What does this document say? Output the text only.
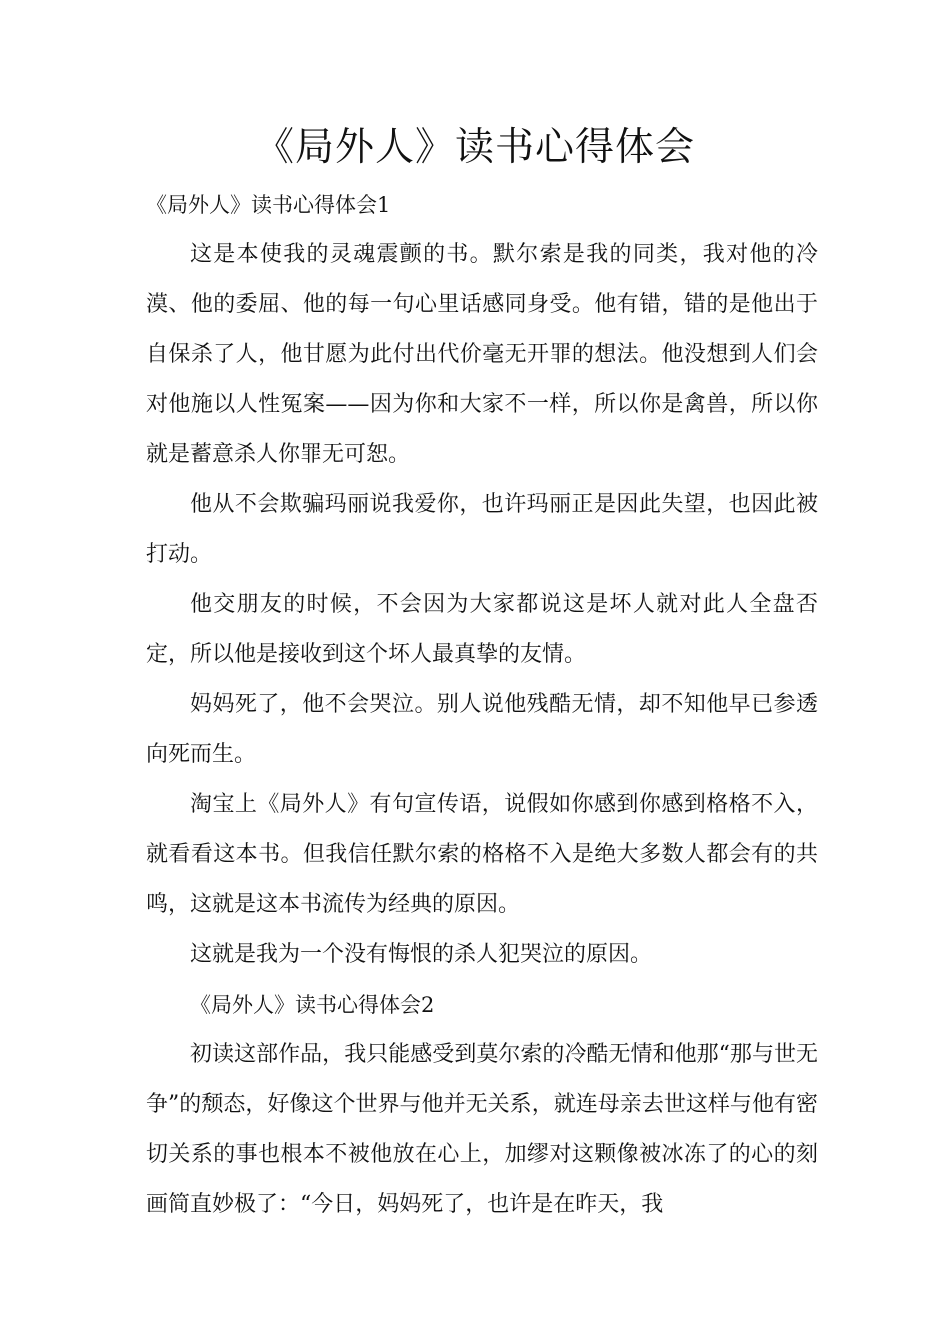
《局外人》读书心得体会

《局外人》读书心得体会1

这是本使我的灵魂震颤的书。默尔索是我的同类，我对他的冷漠、他的委屈、他的每一句心里话感同身受。他有错，错的是他出于自保杀了人，他甘愿为此付出代价毫无开罪的想法。他没想到人们会对他施以人性冤案——因为你和大家不一样，所以你是禽兽，所以你就是蓄意杀人你罪无可恕。

他从不会欺骗玛丽说我爱你，也许玛丽正是因此失望，也因此被打动。

他交朋友的时候，不会因为大家都说这是坏人就对此人全盘否定，所以他是接收到这个坏人最真挚的友情。

妈妈死了，他不会哭泣。别人说他残酷无情，却不知他早已参透向死而生。

淘宝上《局外人》有句宣传语，说假如你感到你感到格格不入，就看看这本书。但我信任默尔索的格格不入是绝大多数人都会有的共鸣，这就是这本书流传为经典的原因。

这就是我为一个没有悔恨的杀人犯哭泣的原因。

《局外人》读书心得体会2

初读这部作品，我只能感受到莫尔索的冷酷无情和他那“那与世无争”的颓态，好像这个世界与他并无关系，就连母亲去世这样与他有密切关系的事也根本不被他放在心上，加缪对这颗像被冰冻了的心的刻画简直妙极了：“今日，妈妈死了，也许是在昨天，我
